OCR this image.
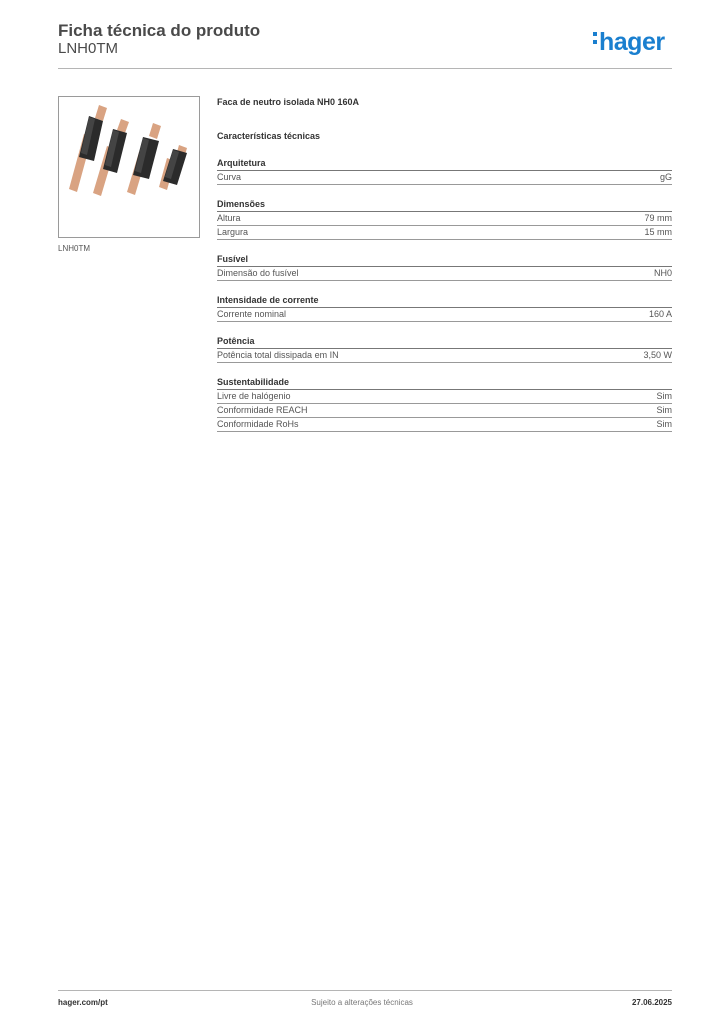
Ficha técnica do produto
LNH0TM	hager
LNH0TM
Faca de neutro isolada NH0 160A
Características técnicas
Arquitetura
Curva	gG
Dimensões
Altura	79 mm
Largura	15 mm
Fusível
Dimensão do fusível	NH0
Intensidade de corrente
Corrente nominal	160 A
Potência
Potência total dissipada em IN	3,50 W
Sustentabilidade
Livre de halógenio	Sim
Conformidade REACH	Sim
Conformidade RoHs	Sim
hager.com/pt	Sujeito a alterações técnicas	27.06.2025
